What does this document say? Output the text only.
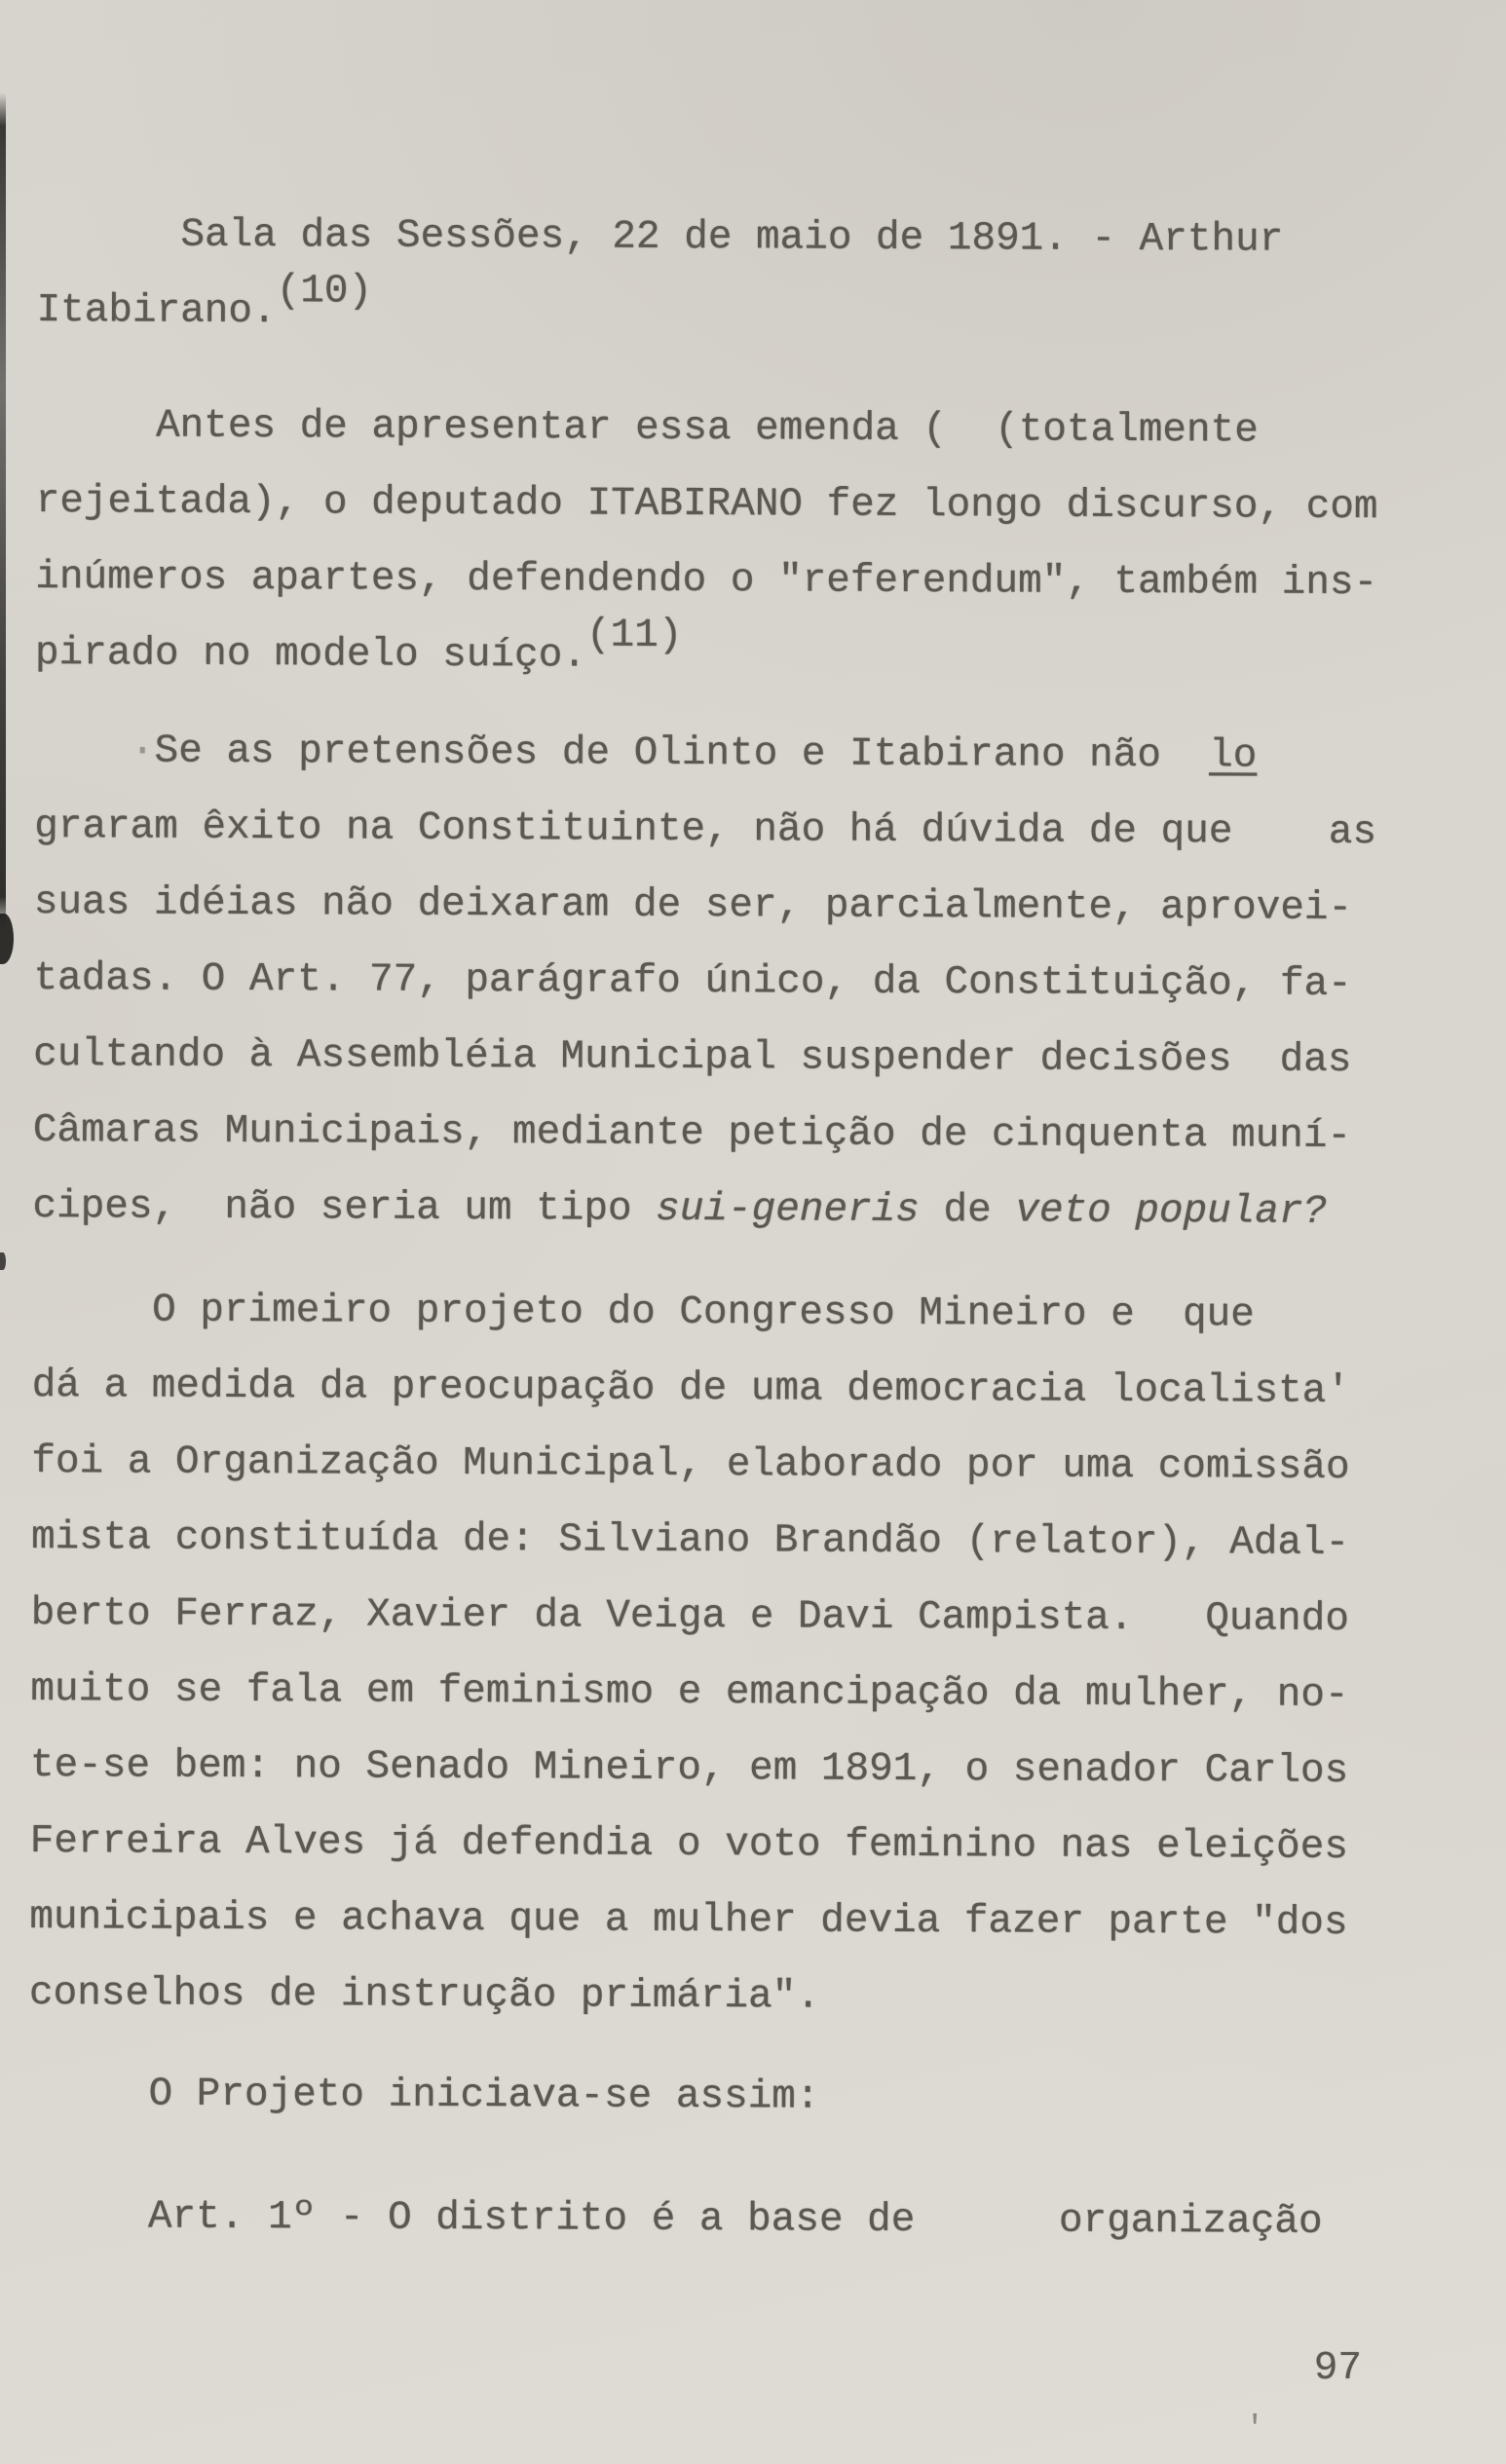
Sala das Sessões, 22 de maio de 1891. - Arthur
Itabirano.(10)

Antes de apresentar essa emenda (  (totalmente
rejeitada), o deputado ITABIRANO fez longo discurso, com
inúmeros apartes, defendendo o "referendum", também ins-
pirado no modelo suíço.(11)

·Se as pretensões de Olinto e Itabirano não  lo
graram êxito na Constituinte, não há dúvida de que    as
suas idéias não deixaram de ser, parcialmente, aprovei-
tadas. O Art. 77, parágrafo único, da Constituição, fa-
cultando à Assembléia Municipal suspender decisões  das
Câmaras Municipais, mediante petição de cinquenta muní-
cipes,  não seria um tipo sui-generis de veto popular?

O primeiro projeto do Congresso Mineiro e  que
dá a medida da preocupação de uma democracia localista'
foi a Organização Municipal, elaborado por uma comissão
mista constituída de: Silviano Brandão (relator), Adal-
berto Ferraz, Xavier da Veiga e Davi Campista.   Quando
muito se fala em feminismo e emancipação da mulher, no-
te-se bem: no Senado Mineiro, em 1891, o senador Carlos
Ferreira Alves já defendia o voto feminino nas eleições
municipais e achava que a mulher devia fazer parte "dos
conselhos de instrução primária".

O Projeto iniciava-se assim:

Art. 1º - O distrito é a base de      organização

97
'
